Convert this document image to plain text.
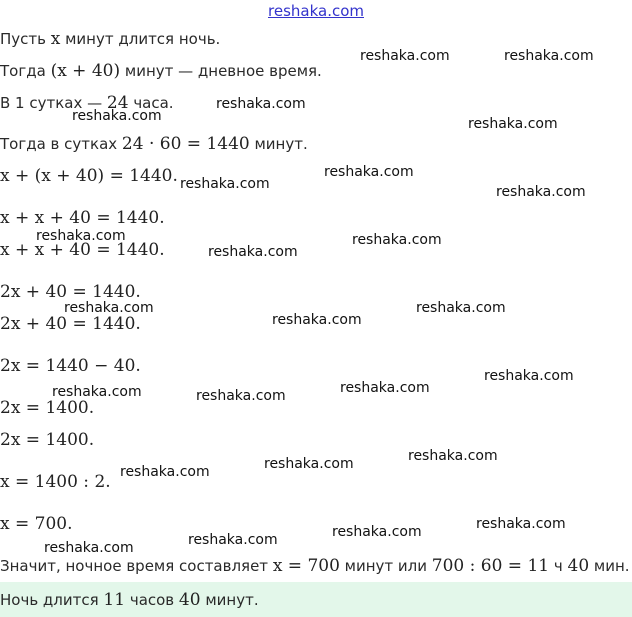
reshaka.com
Пусть x минут длится ночь.
Тогда (x + 40) минут — дневное время.
В 1 сутках — 24 часа.
Тогда в сутках 24 · 60 = 1440 минут.
x + (x + 40) = 1440.
x + x + 40 = 1440.
x + x + 40 = 1440.
2x + 40 = 1440.
2x + 40 = 1440.
2x = 1440 − 40.
2x = 1400.
2x = 1400.
x = 1400 : 2.
x = 700.
Значит, ночное время составляет x = 700 минут или 700 : 60 = 11 ч 40 мин.
Ночь длится 11 часов 40 минут.
reshaka.com	reshaka.com
reshaka.com
reshaka.com	reshaka.com
reshaka.com
reshaka.com	reshaka.com
reshaka.com	reshaka.com
reshaka.com
reshaka.com	reshaka.com
reshaka.com
reshaka.com
reshaka.com
reshaka.com	reshaka.com
reshaka.com
reshaka.com
reshaka.com
reshaka.com
reshaka.com
reshaka.com
reshaka.com
